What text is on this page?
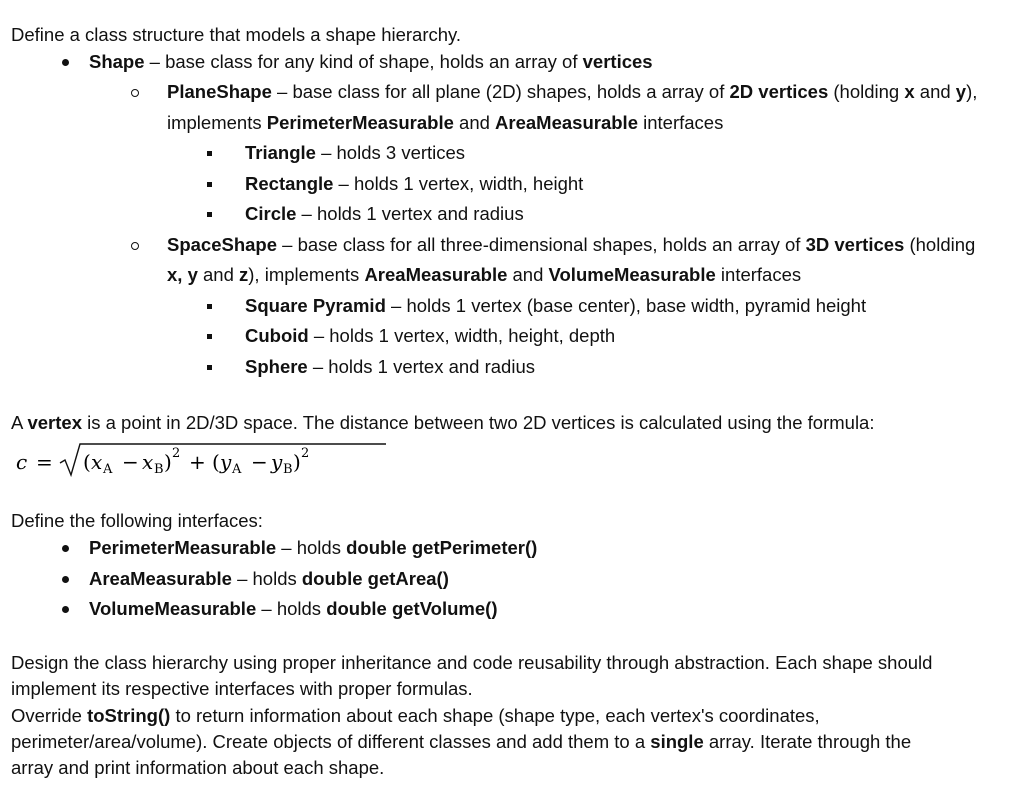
Define a class structure that models a shape hierarchy.
Shape – base class for any kind of shape, holds an array of vertices
PlaneShape – base class for all plane (2D) shapes, holds a array of 2D vertices (holding x and y),
implements PerimeterMeasurable and AreaMeasurable interfaces
Triangle – holds 3 vertices
Rectangle – holds 1 vertex, width, height
Circle – holds 1 vertex and radius
SpaceShape – base class for all three-dimensional shapes, holds an array of 3D vertices (holding
x, y and z), implements AreaMeasurable and VolumeMeasurable interfaces
Square Pyramid – holds 1 vertex (base center), base width, pyramid height
Cuboid – holds 1 vertex, width, height, depth
Sphere – holds 1 vertex and radius
A vertex is a point in 2D/3D space. The distance between two 2D vertices is calculated using the formula:
c = ( x A − x B ) 2 + ( y A − y B ) 2
Define the following interfaces:
PerimeterMeasurable – holds double getPerimeter()
AreaMeasurable – holds double getArea()
VolumeMeasurable – holds double getVolume()
Design the class hierarchy using proper inheritance and code reusability through abstraction. Each shape should
implement its respective interfaces with proper formulas.
Override toString() to return information about each shape (shape type, each vertex's coordinates,
perimeter/area/volume). Create objects of different classes and add them to a single array. Iterate through the
array and print information about each shape.
